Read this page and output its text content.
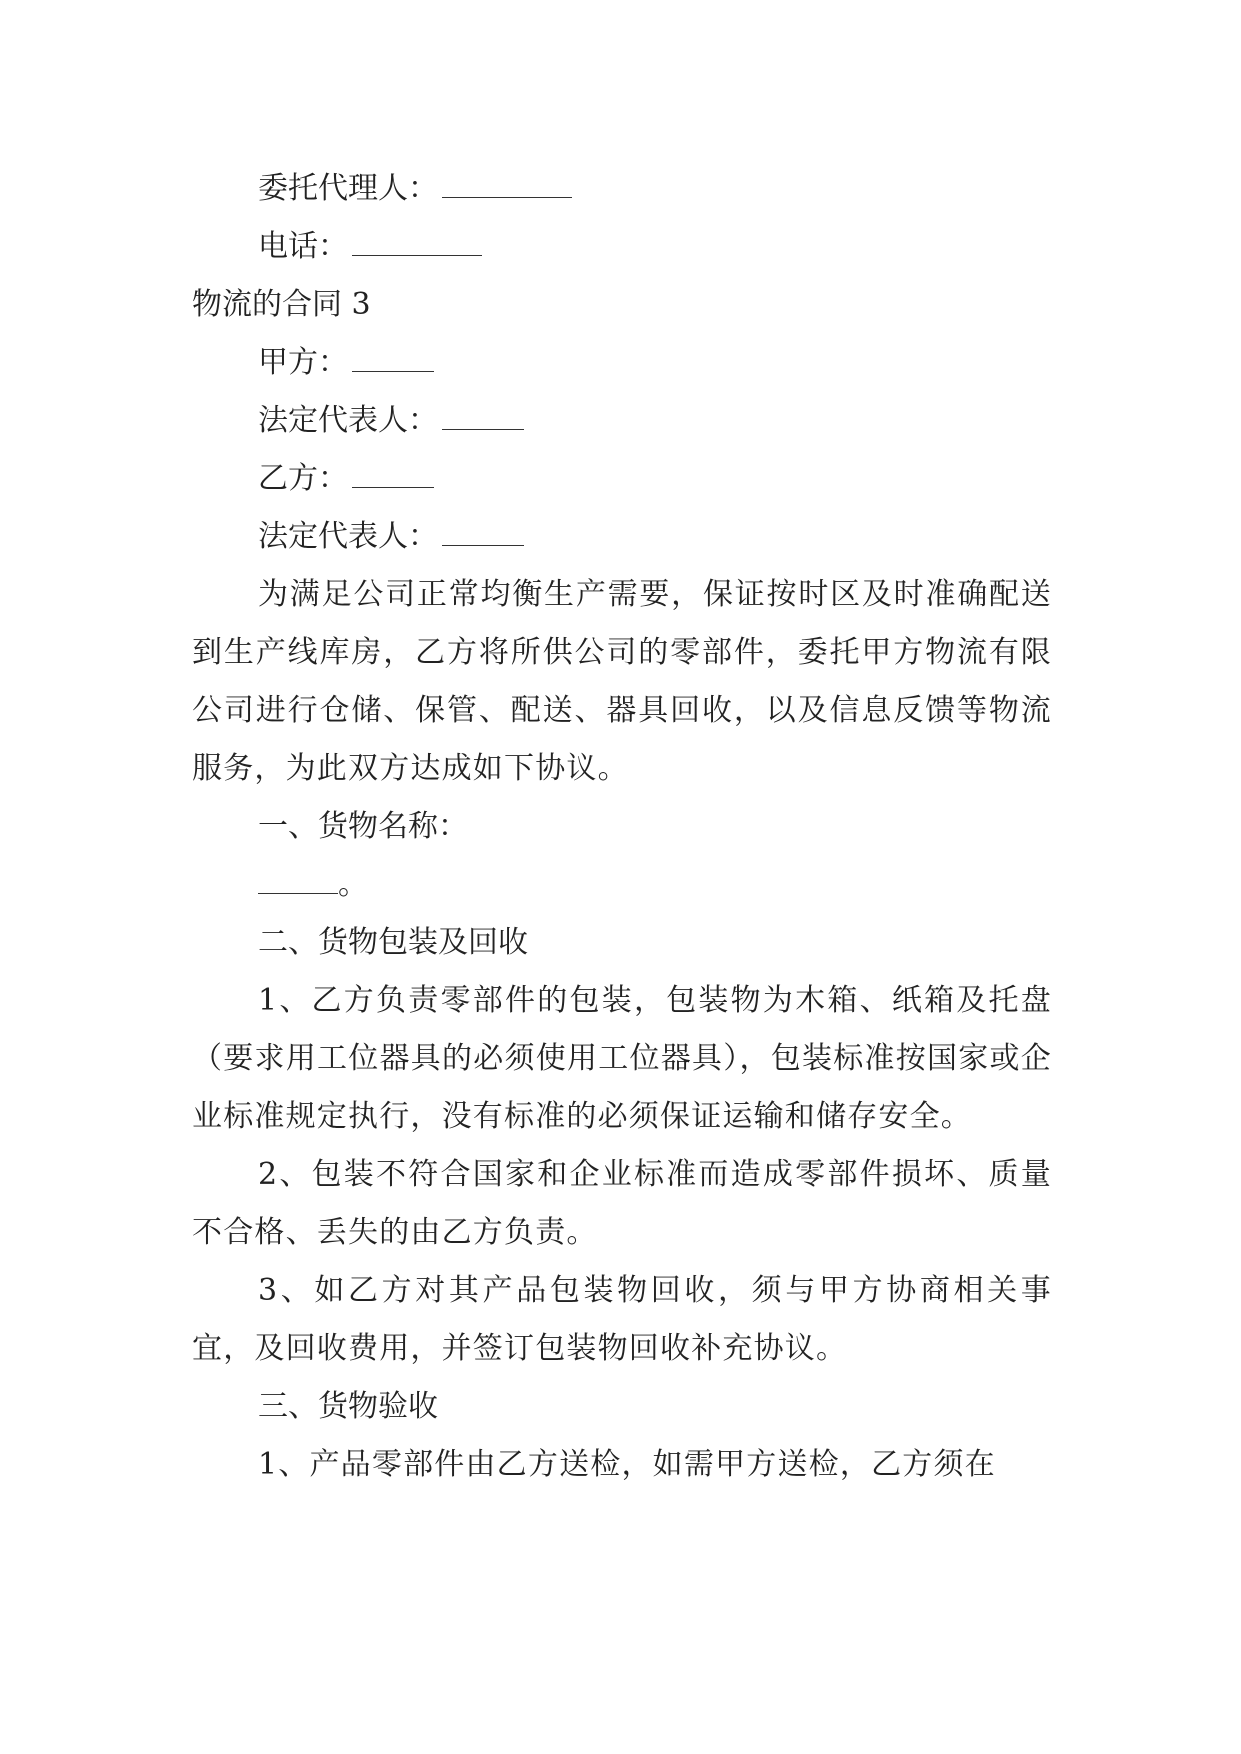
委托代理人：
电话：
物流的合同 3
甲方：
法定代表人：
乙方：
法定代表人：

为满足公司正常均衡生产需要，保证按时区及时准确配送到生产线库房，乙方将所供公司的零部件，委托甲方物流有限公司进行仓储、保管、配送、器具回收，以及信息反馈等物流服务，为此双方达成如下协议。

一、货物名称：
。
二、货物包装及回收

1、乙方负责零部件的包装，包装物为木箱、纸箱及托盘（要求用工位器具的必须使用工位器具），包装标准按国家或企业标准规定执行，没有标准的必须保证运输和储存安全。

2、包装不符合国家和企业标准而造成零部件损坏、质量不合格、丢失的由乙方负责。

3、如乙方对其产品包装物回收，须与甲方协商相关事宜，及回收费用，并签订包装物回收补充协议。

三、货物验收

1、产品零部件由乙方送检，如需甲方送检，乙方须在
